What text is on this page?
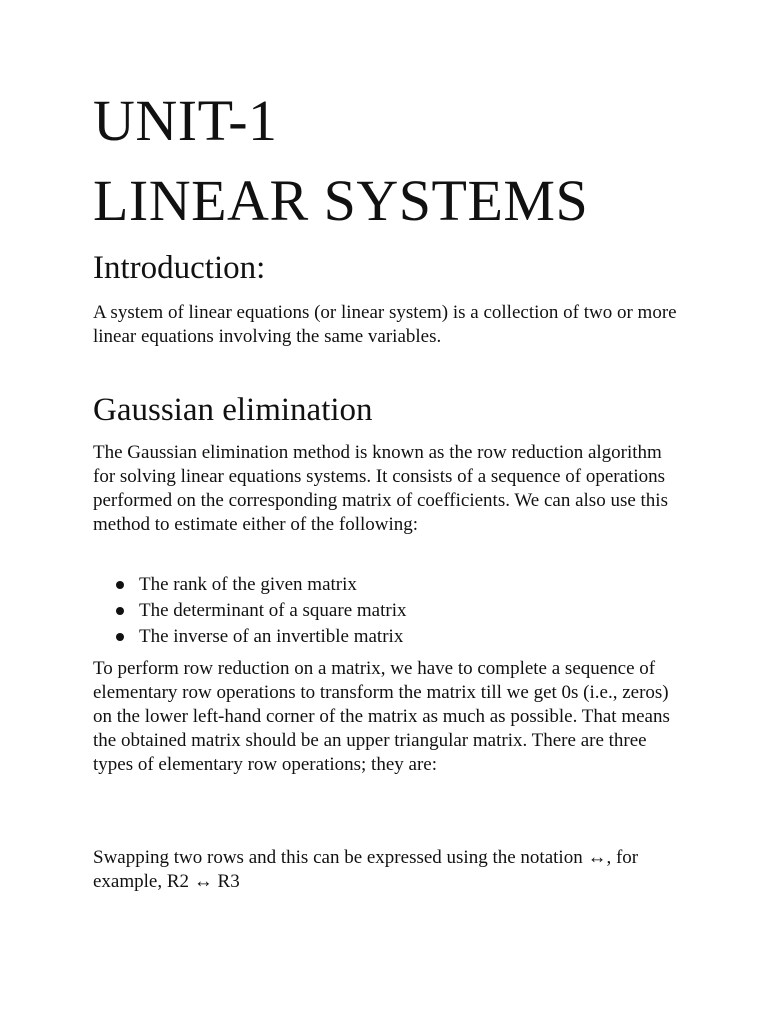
UNIT-1
LINEAR SYSTEMS
Introduction:

A system of linear equations (or linear system) is a collection of two or more linear equations involving the same variables.

Gaussian elimination

The Gaussian elimination method is known as the row reduction algorithm for solving linear equations systems. It consists of a sequence of operations performed on the corresponding matrix of coefficients. We can also use this method to estimate either of the following:

The rank of the given matrix
The determinant of a square matrix
The inverse of an invertible matrix

To perform row reduction on a matrix, we have to complete a sequence of elementary row operations to transform the matrix till we get 0s (i.e., zeros) on the lower left-hand corner of the matrix as much as possible. That means the obtained matrix should be an upper triangular matrix. There are three types of elementary row operations; they are:

Swapping two rows and this can be expressed using the notation ↔, for example, R2 ↔ R3
